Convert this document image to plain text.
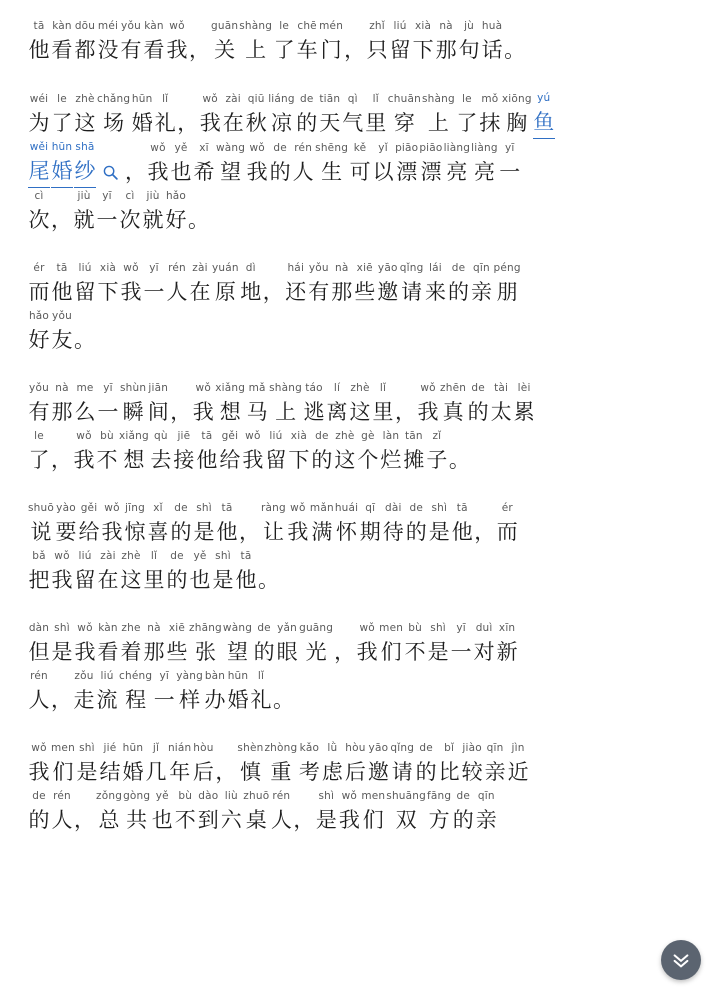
tā
他
kàn
看
dōu
都
méi
没
yǒu
有
kàn
看
wǒ
我 ，
guān
关
shàng
上
le
了
chē
车
mén
门 ，
zhǐ
只
liú
留
xià
下
nà
那
jù
句
huà
话 。
wéi
为
le
了
zhè
这
chǎng
场
hūn
婚
lǐ
礼 ，
wǒ
我
zài
在
qiū
秋
liáng
凉
de
的
tiān
天
qì
气
lǐ
里
chuān
穿
shàng
上
le
了
mǒ
抹
xiōng
胸
yú
鱼
wěi
尾
hūn
婚
shā
纱 ，
wǒ
我
yě
也
xī
希
wàng
望
wǒ
我
de
的
rén
人
shēng
生
kě
可
yǐ
以
piāo
漂
piāo
漂
liàng
亮
liàng
亮
yī
一
cì
次 ，
jiù
就
yī
一
cì
次
jiù
就
hǎo
好 。
ér
而
tā
他
liú
留
xià
下
wǒ
我
yī
一
rén
人
zài
在
yuán
原
dì
地 ，
hái
还
yǒu
有
nà
那
xiē
些
yāo
邀
qǐng
请
lái
来
de
的
qīn
亲
péng
朋
hǎo
好
yǒu
友 。
yǒu
有
nà
那
me
么
yī
一
shùn
瞬
jiān
间 ，
wǒ
我
xiǎng
想
mǎ
马
shàng
上
táo
逃
lí
离
zhè
这
lǐ
里 ，
wǒ
我
zhēn
真
de
的
tài
太
lèi
累
le
了 ，
wǒ
我
bù
不
xiǎng
想
qù
去
jiē
接
tā
他
gěi
给
wǒ
我
liú
留
xià
下
de
的
zhè
这
gè
个
làn
烂
tān
摊
zǐ
子 。
shuō
说
yào
要
gěi
给
wǒ
我
jīng
惊
xǐ
喜
de
的
shì
是
tā
他 ，
ràng
让
wǒ
我
mǎn
满
huái
怀
qī
期
dài
待
de
的
shì
是
tā
他 ，
ér
而
bǎ
把
wǒ
我
liú
留
zài
在
zhè
这
lǐ
里
de
的
yě
也
shì
是
tā
他 。
dàn
但
shì
是
wǒ
我
kàn
看
zhe
着
nà
那
xiē
些
zhāng
张
wàng
望
de
的
yǎn
眼
guāng
光 ，
wǒ
我
men
们
bù
不
shì
是
yī
一
duì
对
xīn
新
rén
人 ，
zǒu
走
liú
流
chéng
程
yī
一
yàng
样
bàn
办
hūn
婚
lǐ
礼 。
wǒ
我
men
们
shì
是
jié
结
hūn
婚
jǐ
几
nián
年
hòu
后 ，
shèn
慎
zhòng
重
kǎo
考
lǜ
虑
hòu
后
yāo
邀
qǐng
请
de
的
bǐ
比
jiào
较
qīn
亲
jìn
近
de
的
rén
人 ，
zǒng
总
gòng
共
yě
也
bù
不
dào
到
liù
六
zhuō
桌
rén
人 ，
shì
是
wǒ
我
men
们
shuāng
双
fāng
方
de
的
qīn
亲
